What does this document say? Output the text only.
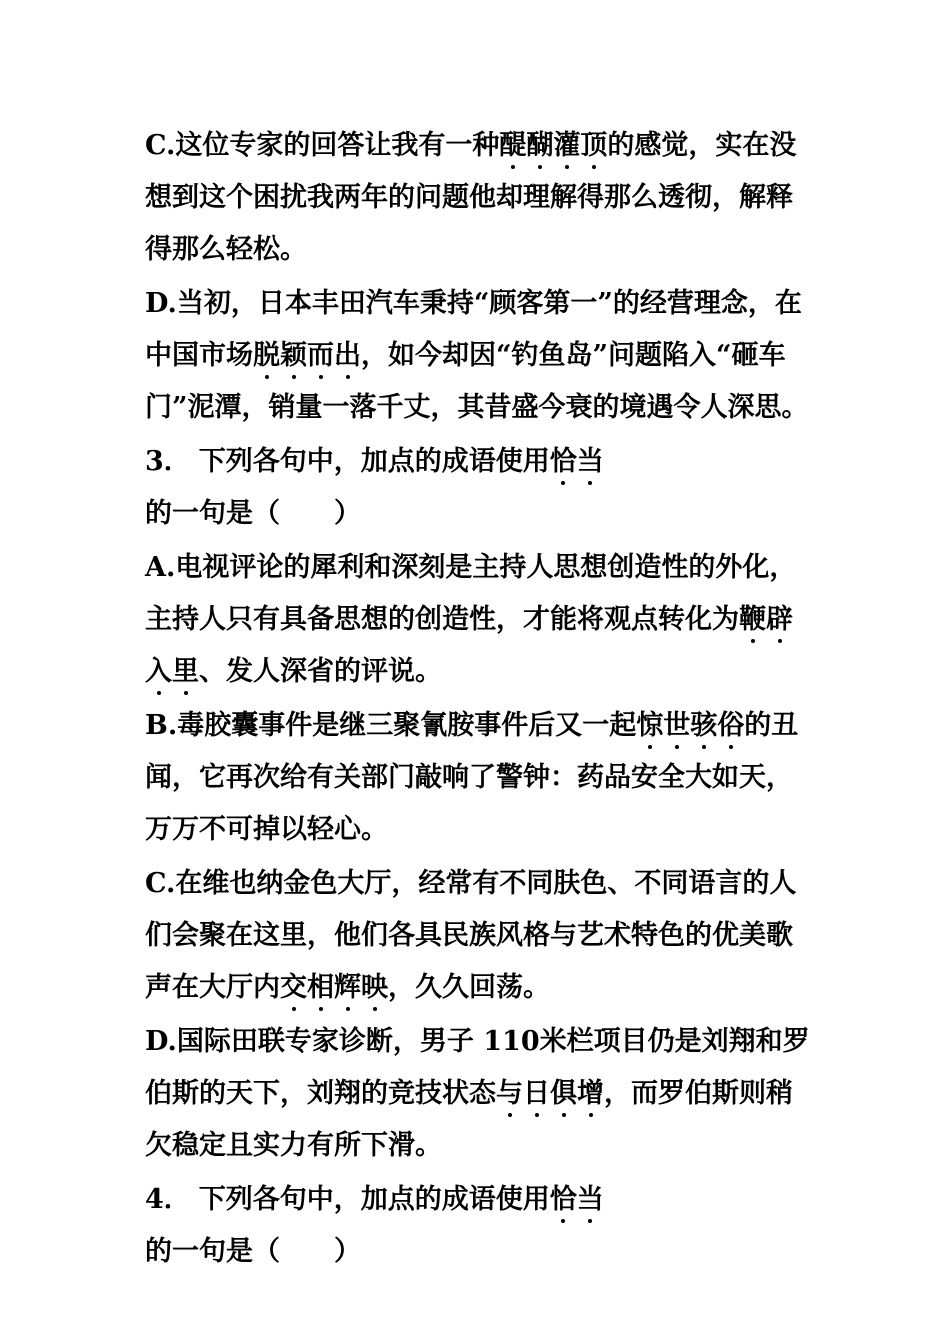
C.这位专家的回答让我有一种醍醐灌顶的感觉，实在没想到这个困扰我两年的问题他却理解得那么透彻，解释得那么轻松。

D.当初，日本丰田汽车秉持“顾客第一”的经营理念，在中国市场脱颖而出，如今却因“钓鱼岛”问题陷入“砸车门”泥潭，销量一落千丈，其昔盛今衰的境遇令人深思。

3． 下列各句中，加点的成语使用恰当的一句是（　　）

A.电视评论的犀利和深刻是主持人思想创造性的外化，主持人只有具备思想的创造性，才能将观点转化为鞭辟入里、发人深省的评说。

B.毒胶囊事件是继三聚氰胺事件后又一起惊世骇俗的丑闻，它再次给有关部门敲响了警钟：药品安全大如天，万万不可掉以轻心。

C.在维也纳金色大厅，经常有不同肤色、不同语言的人们会聚在这里，他们各具民族风格与艺术特色的优美歌声在大厅内交相辉映，久久回荡。

D.国际田联专家诊断，男子 110米栏项目仍是刘翔和罗伯斯的天下，刘翔的竞技状态与日俱增，而罗伯斯则稍欠稳定且实力有所下滑。

4． 下列各句中，加点的成语使用恰当的一句是（　　）
